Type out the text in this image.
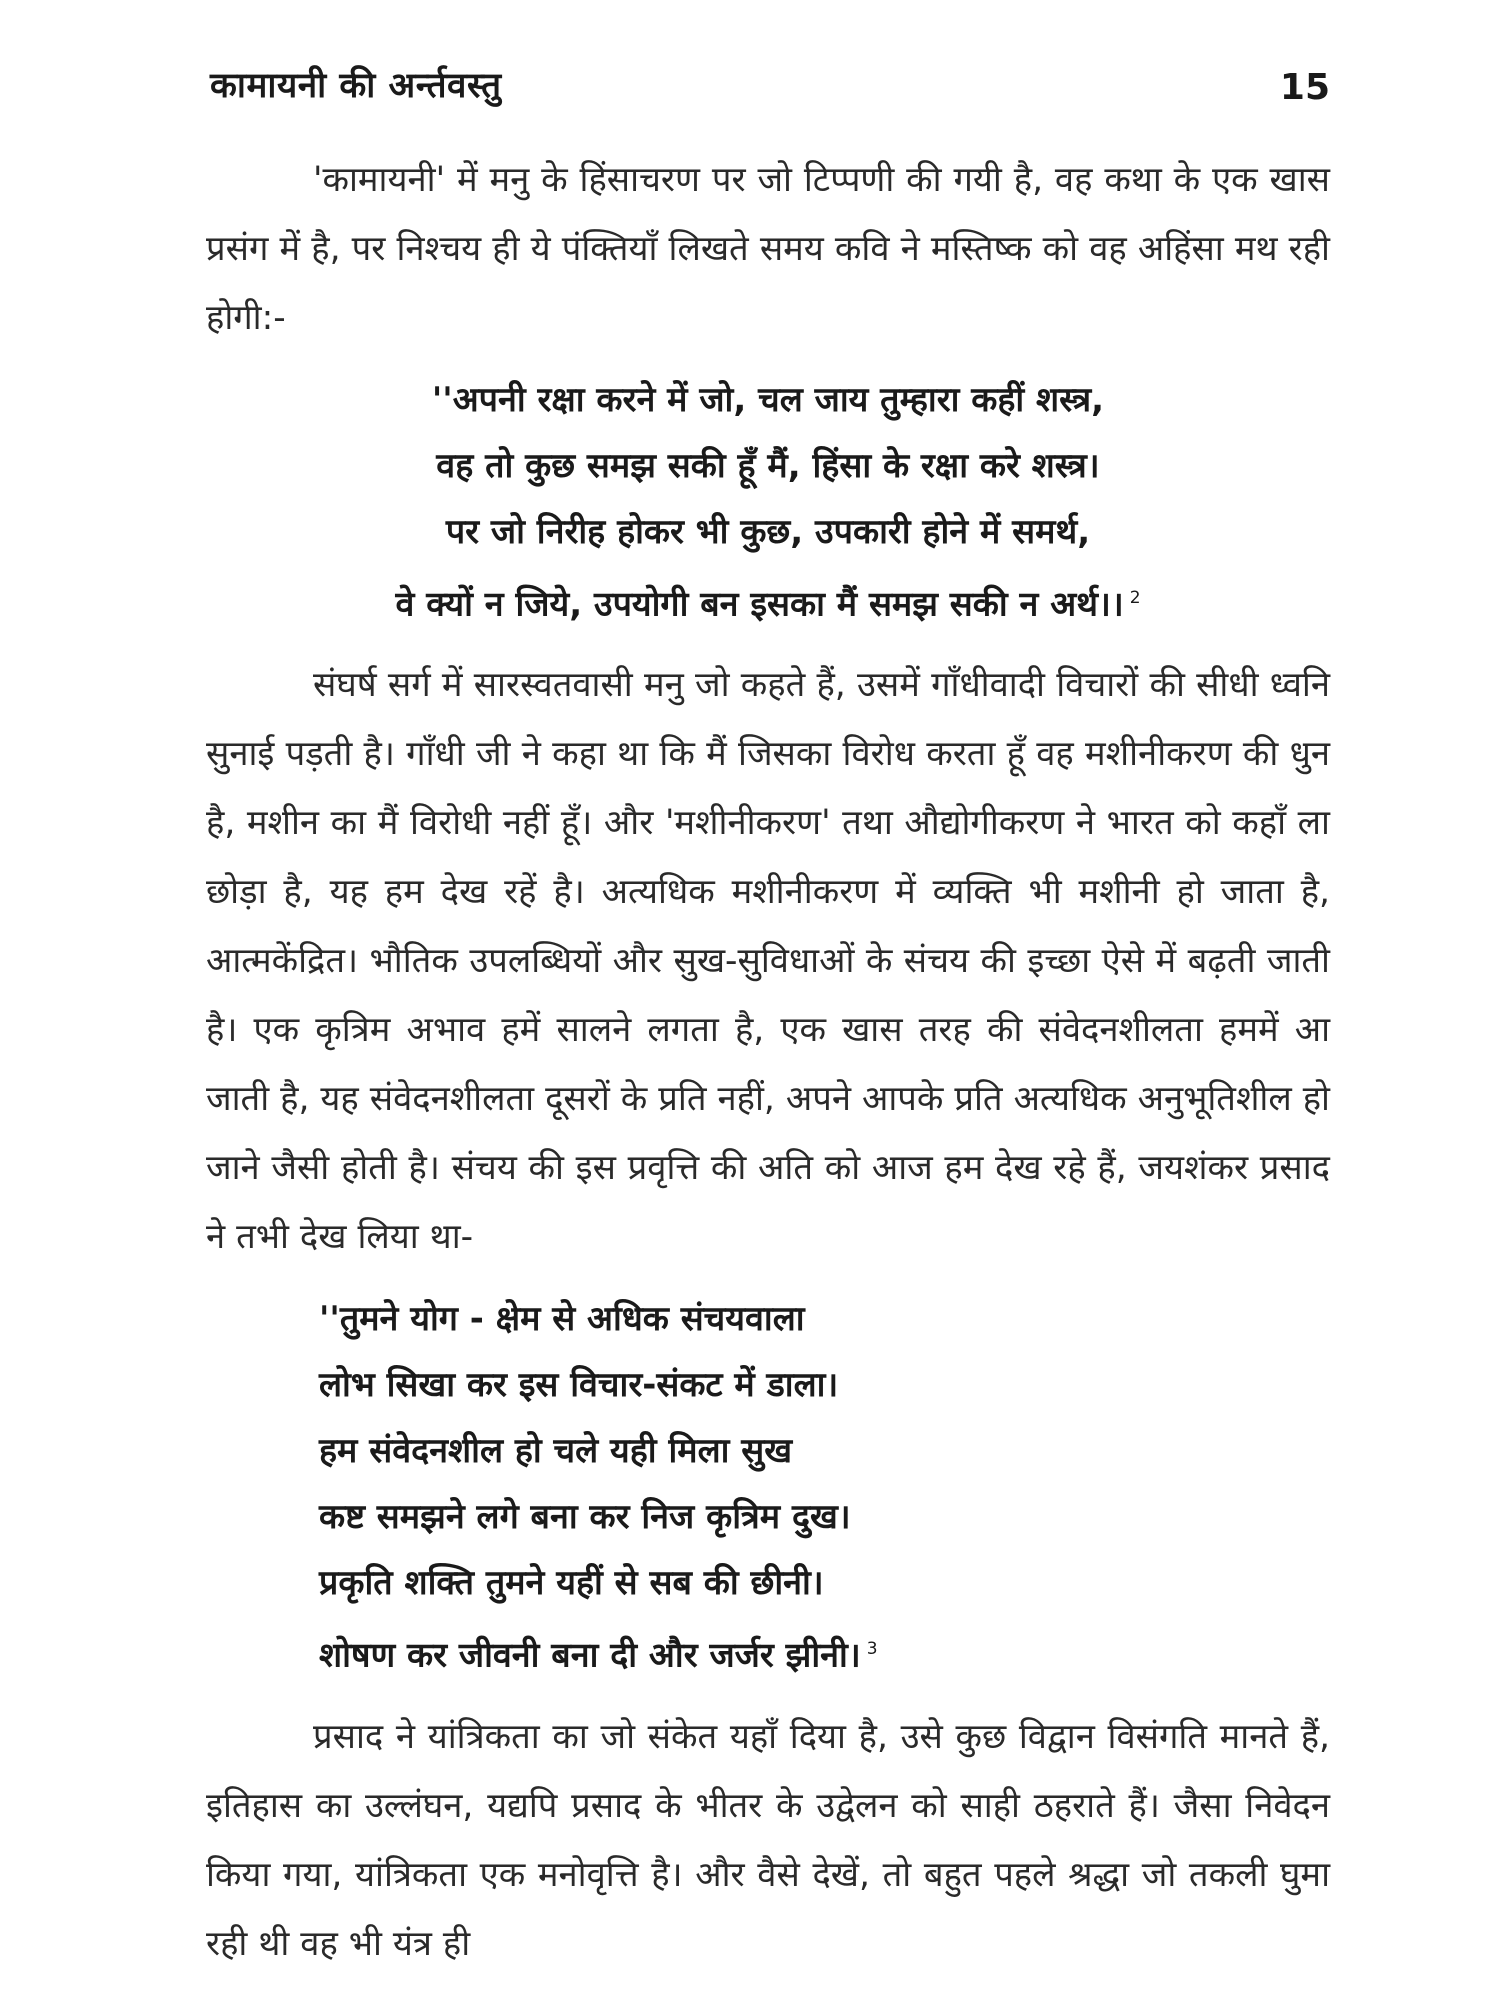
कामायनी की अर्न्तवस्तु	15

'कामायनी' में मनु के हिंसाचरण पर जो टिप्पणी की गयी है, वह कथा के एक खास प्रसंग में है, पर निश्चय ही ये पंक्तियाँ लिखते समय कवि ने मस्तिष्क को वह अहिंसा मथ रही होगी:-

''अपनी रक्षा करने में जो, चल जाय तुम्हारा कहीं शस्त्र,
वह तो कुछ समझ सकी हूँ मैं, हिंसा के रक्षा करे शस्त्र।
पर जो निरीह होकर भी कुछ, उपकारी होने में समर्थ,
वे क्यों न जिये, उपयोगी बन इसका मैं समझ सकी न अर्थ।। $^2$

संघर्ष सर्ग में सारस्वतवासी मनु जो कहते हैं, उसमें गाँधीवादी विचारों की सीधी ध्वनि सुनाई पड़ती है। गाँधी जी ने कहा था कि मैं जिसका विरोध करता हूँ वह मशीनीकरण की धुन है, मशीन का मैं विरोधी नहीं हूँ। और 'मशीनीकरण' तथा औद्योगीकरण ने भारत को कहाँ ला छोड़ा है, यह हम देख रहें है। अत्यधिक मशीनीकरण में व्यक्ति भी मशीनी हो जाता है, आत्मकेंद्रित। भौतिक उपलब्धियों और सुख-सुविधाओं के संचय की इच्छा ऐसे में बढ़ती जाती है। एक कृत्रिम अभाव हमें सालने लगता है, एक खास तरह की संवेदनशीलता हममें आ जाती है, यह संवेदनशीलता दूसरों के प्रति नहीं, अपने आपके प्रति अत्यधिक अनुभूतिशील हो जाने जैसी होती है। संचय की इस प्रवृत्ति की अति को आज हम देख रहे हैं, जयशंकर प्रसाद ने तभी देख लिया था-

''तुमने योग - क्षेम से अधिक संचयवाला
लोभ सिखा कर इस विचार-संकट में डाला।
हम संवेदनशील हो चले यही मिला सुख
कष्ट समझने लगे बना कर निज कृत्रिम दुख।
प्रकृति शक्ति तुमने यहीं से सब की छीनी।
शोषण कर जीवनी बना दी और जर्जर झीनी। $^3$

प्रसाद ने यांत्रिकता का जो संकेत यहाँ दिया है, उसे कुछ विद्वान विसंगति मानते हैं, इतिहास का उल्लंघन, यद्यपि प्रसाद के भीतर के उद्वेलन को साही ठहराते हैं। जैसा निवेदन किया गया, यांत्रिकता एक मनोवृत्ति है। और वैसे देखें, तो बहुत पहले श्रद्धा जो तकली घुमा रही थी वह भी यंत्र ही
